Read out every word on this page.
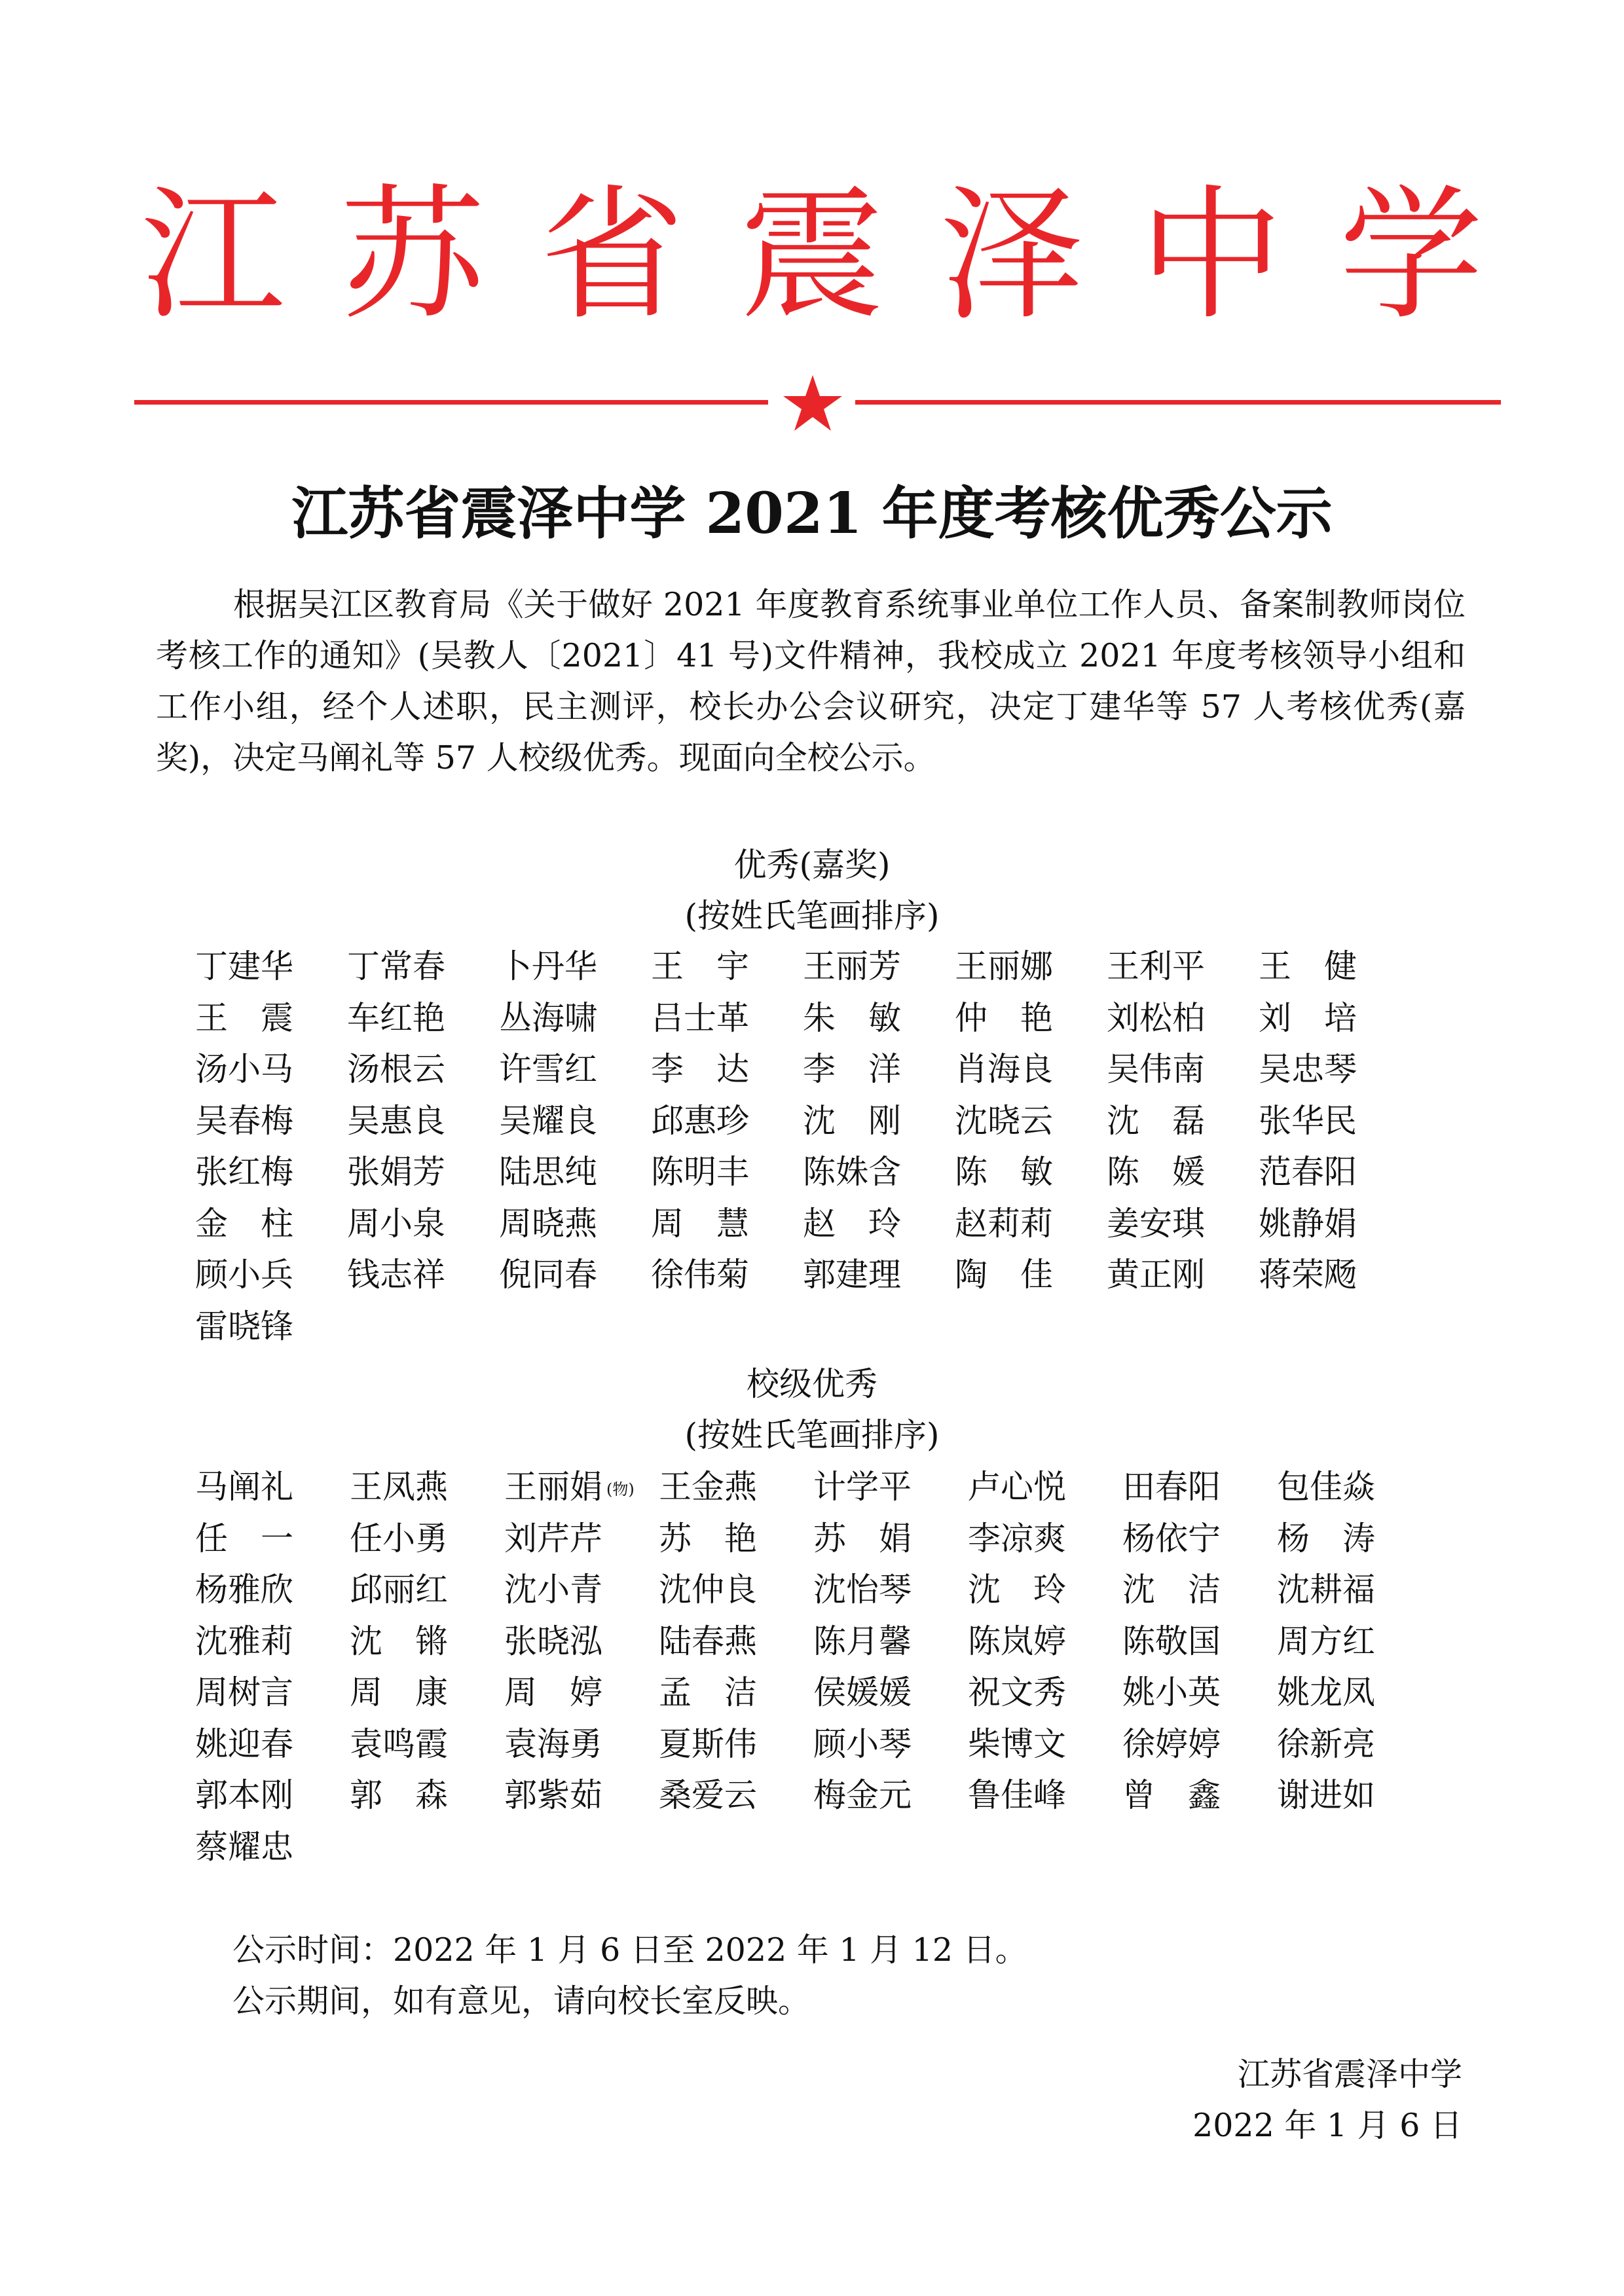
江苏省震泽中学
江苏省震泽中学 2021 年度考核优秀公示
根据吴江区教育局《关于做好 2021 年度教育系统事业单位工作人员、备案制教师岗位考核工作的通知》(吴教人〔2021〕41 号)文件精神，我校成立 2021 年度考核领导小组和工作小组，经个人述职，民主测评，校长办公会议研究，决定丁建华等 57 人考核优秀(嘉奖)，决定马阐礼等 57 人校级优秀。现面向全校公示。
优秀(嘉奖)
(按姓氏笔画排序)
丁建华 丁常春 卜丹华 王　宇 王丽芳 王丽娜 王利平 王　健
王　震 车红艳 丛海啸 吕士革 朱　敏 仲　艳 刘松柏 刘　培
汤小马 汤根云 许雪红 李　达 李　洋 肖海良 吴伟南 吴忠琴
吴春梅 吴惠良 吴耀良 邱惠珍 沈　刚 沈晓云 沈　磊 张华民
张红梅 张娟芳 陆思纯 陈明丰 陈姝含 陈　敏 陈　媛 范春阳
金　柱 周小泉 周晓燕 周　慧 赵　玲 赵莉莉 姜安琪 姚静娟
顾小兵 钱志祥 倪同春 徐伟菊 郭建理 陶　佳 黄正刚 蒋荣飏
雷晓锋
校级优秀
(按姓氏笔画排序)
马阐礼 王凤燕 王丽娟 (物) 王金燕 计学平 卢心悦 田春阳 包佳焱
任　一 任小勇 刘芹芹 苏　艳 苏　娟 李凉爽 杨依宁 杨　涛
杨雅欣 邱丽红 沈小青 沈仲良 沈怡琴 沈　玲 沈　洁 沈耕福
沈雅莉 沈　锵 张晓泓 陆春燕 陈月馨 陈岚婷 陈敬国 周方红
周树言 周　康 周　婷 孟　洁 侯媛媛 祝文秀 姚小英 姚龙凤
姚迎春 袁鸣霞 袁海勇 夏斯伟 顾小琴 柴博文 徐婷婷 徐新亮
郭本刚 郭　森 郭紫茹 桑爱云 梅金元 鲁佳峰 曾　鑫 谢进如
蔡耀忠
公示时间：2022 年 1 月 6 日至 2022 年 1 月 12 日。
公示期间，如有意见，请向校长室反映。
江苏省震泽中学
2022 年 1 月 6 日
